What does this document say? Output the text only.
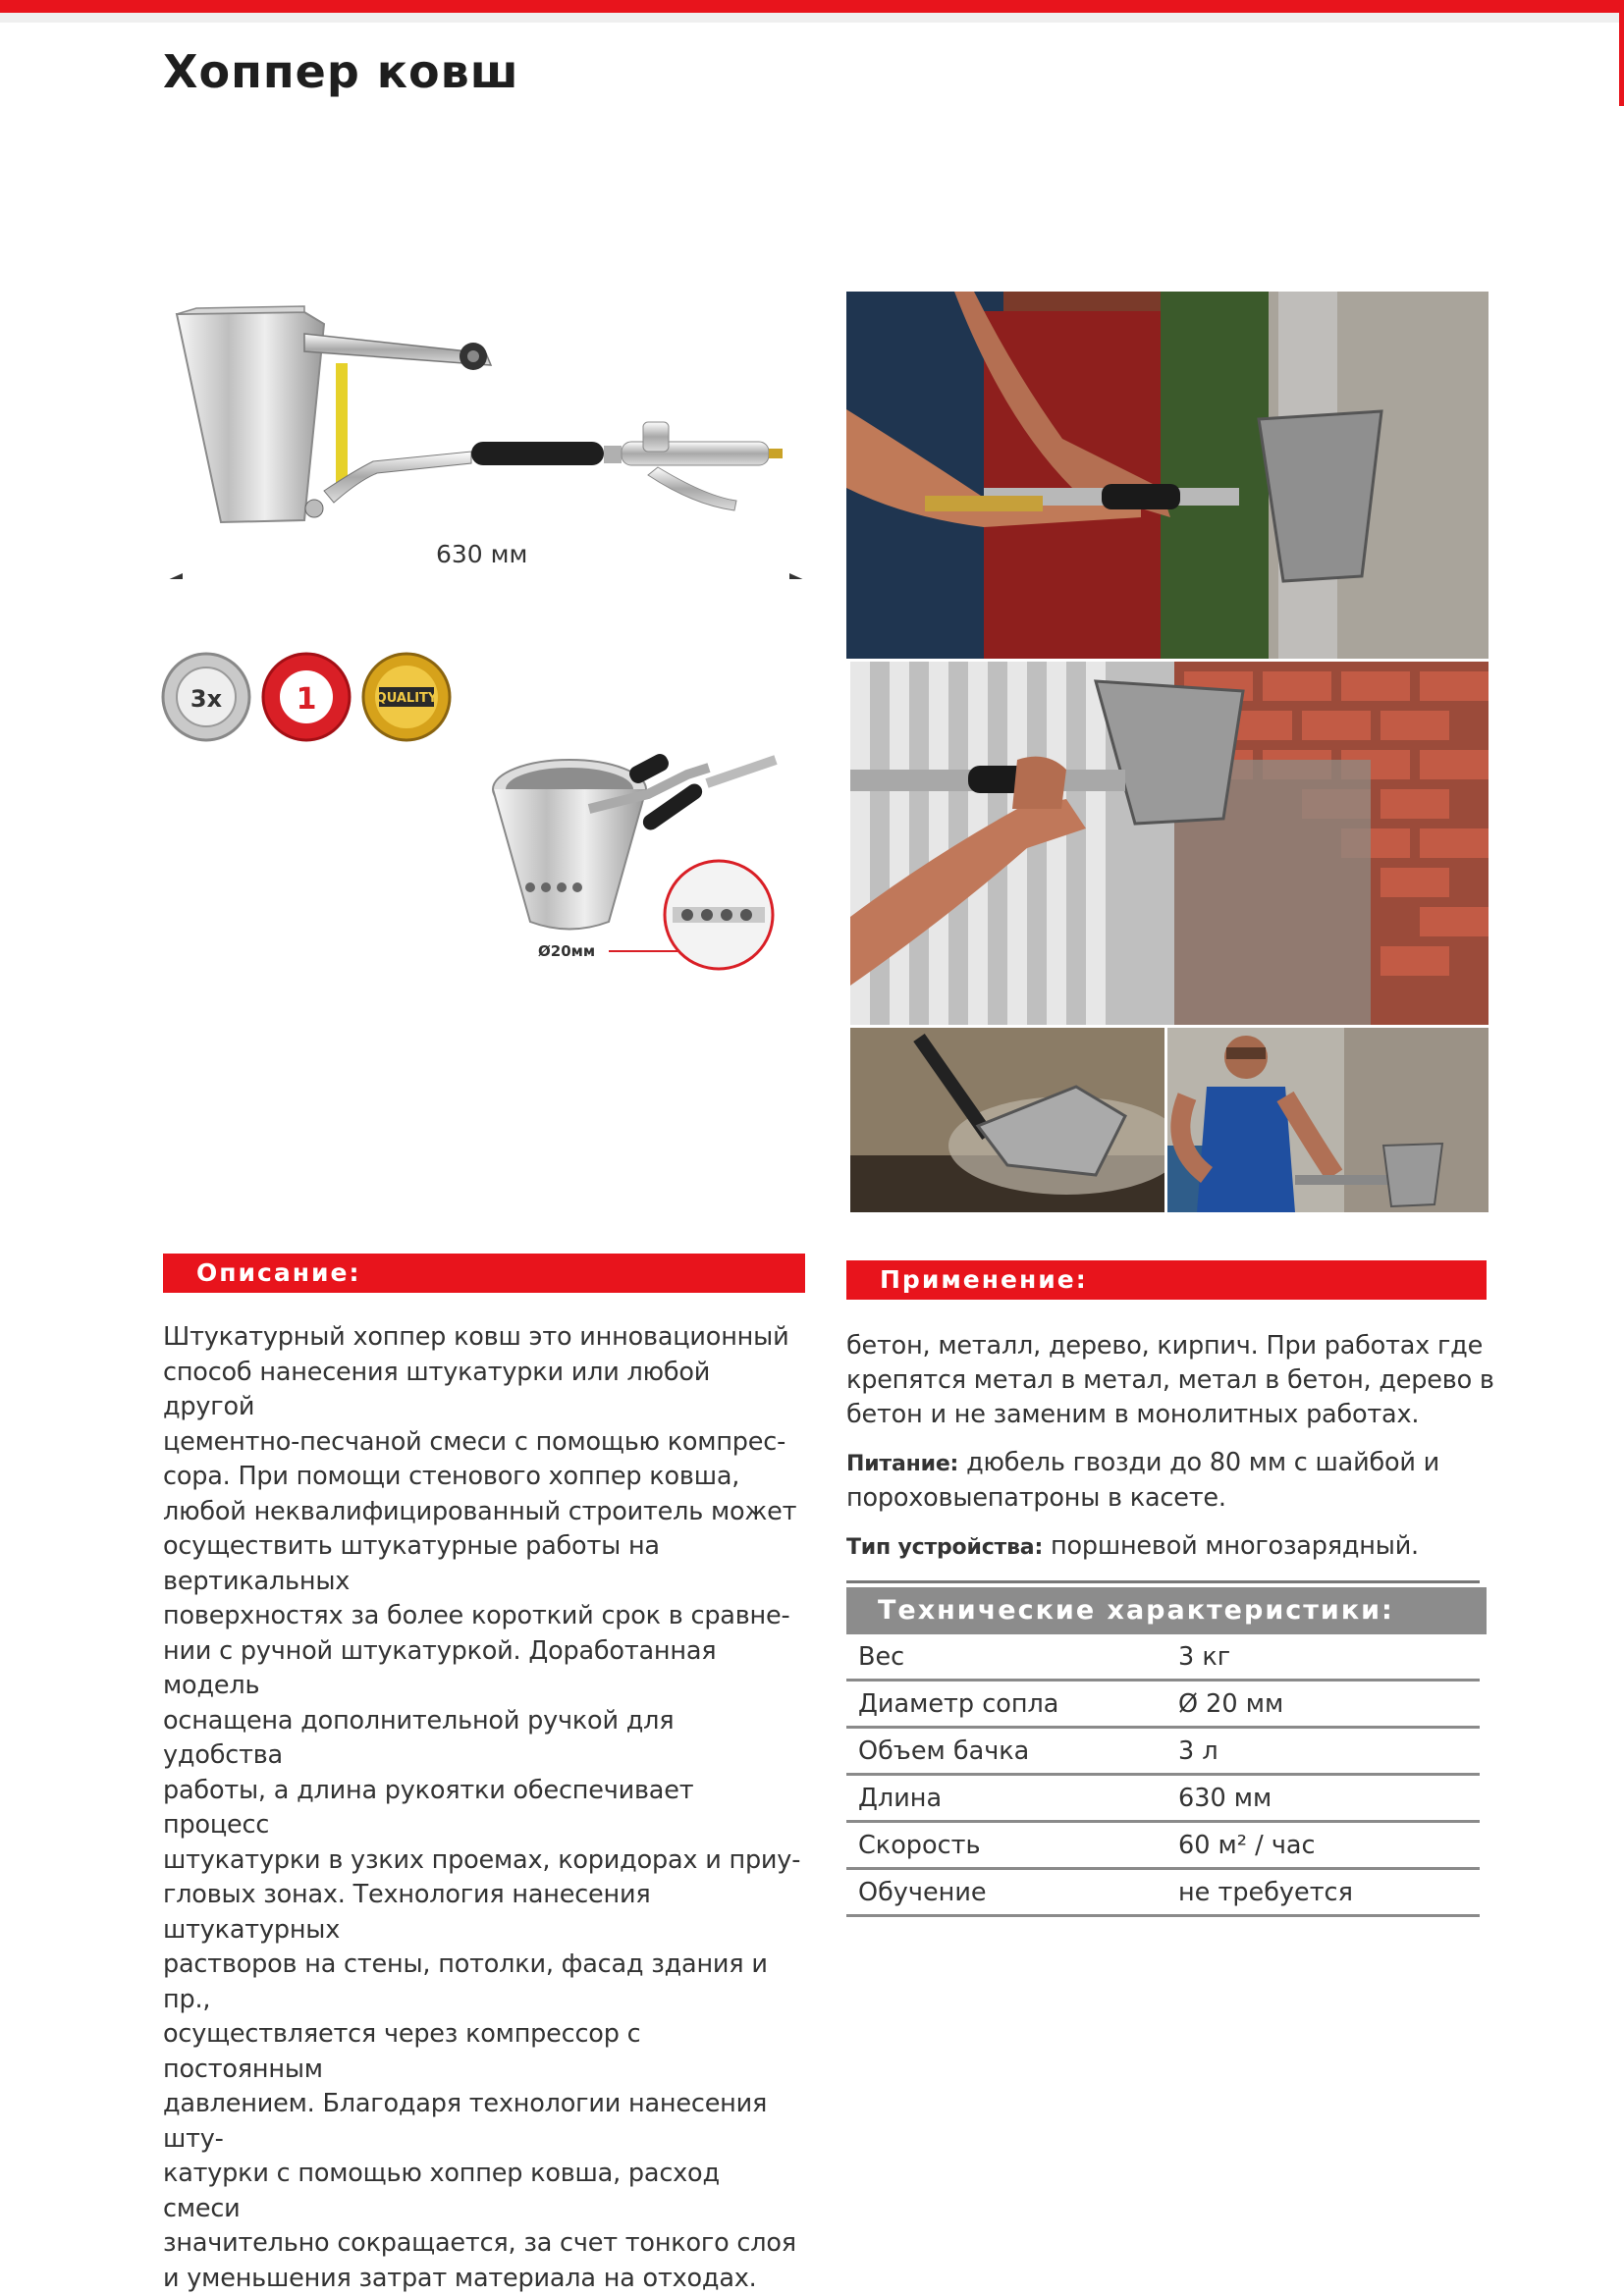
Хоппер ковш
630 мм
3x	1	QUALITY
Ø20мм
Описание:
Штукатурный хоппер ковш это инновационный
способ нанесения штукатурки или любой другой
цементно-песчаной смеси с помощью компрес-
сора. При помощи стенового хоппер ковша,
любой неквалифицированный строитель может
осуществить штукатурные работы на вертикальных
поверхностях за более короткий срок в сравне-
нии с ручной штукатуркой. Доработанная модель
оснащена дополнительной ручкой для удобства
работы, а длина рукоятки обеспечивает процесс
штукатурки в узких проемах, коридорах и приу-
гловых зонах. Технология нанесения штукатурных
растворов на стены, потолки, фасад здания и пр.,
осуществляется через компрессор с постоянным
давлением. Благодаря технологии нанесения шту-
катурки с помощью хоппер ковша, расход смеси
значительно сокращается, за счет тонкого слоя
и уменьшения затрат материала на отходах.
Применение:

бетон, металл, дерево, кирпич. При работах где
крепятся метал в метал, метал в бетон, дерево в
бетон и не заменим в монолитных работах.

Питание: дюбель гвозди до 80 мм с шайбой и
пороховыепатроны в касете.

Тип устройства: поршневой многозарядный.

Технические характеристики:
Вес	3 кг
Диаметр сопла	Ø 20 мм
Объем бачка	3 л
Длина	630 мм
Скорость	60 м² / час
Обучение	не требуется
